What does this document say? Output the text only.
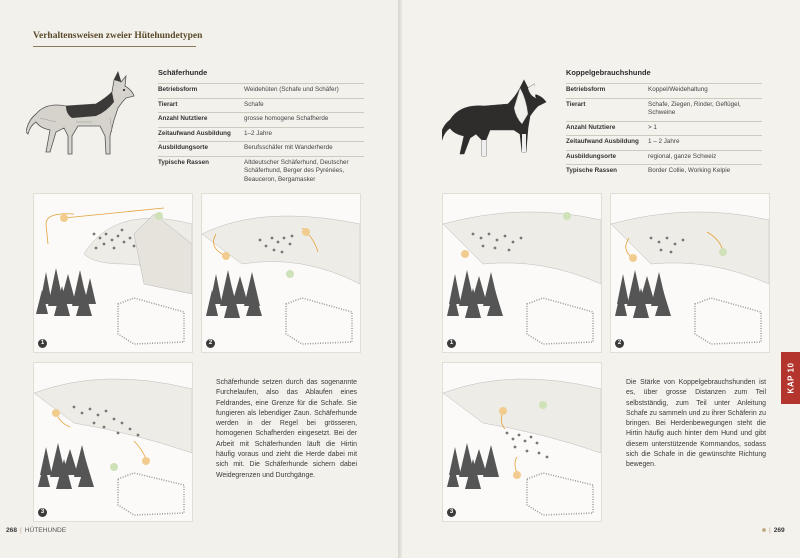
Verhaltensweisen zweier Hütehundetypen
Schäferhunde
Betriebsform	Weidehüten (Schafe und Schäfer)
Tierart	Schafe
Anzahl Nutztiere	grosse homogene Schafherde
Zeitaufwand Ausbildung	1–2 Jahre
Ausbildungsorte	Berufsschäfer mit Wanderherde
Typische Rassen	Altdeutscher Schäferhund, Deutscher Schäferhund, Berger des Pyrénées, Beauceron, Bergamasker
1	2
3
Schäferhunde setzen durch das sogenannte Furchelaufen, also das Ablaufen eines Feldrandes, eine Grenze für die Schafe. Sie fungieren als lebendiger Zaun. Schäferhunde werden in der Regel bei grösseren, homogenen Schafherden eingesetzt. Bei der Arbeit mit Schäferhunden läuft die Hirtin häufig voraus und zieht die Herde dabei mit sich mit. Die Schäferhunde sichern dabei Weidegrenzen und Durchgänge.
268 | HÜTEHUNDE
Koppelgebrauchshunde
Betriebsform	Koppel/Weidehaltung
Tierart	Schafe, Ziegen, Rinder, Geflügel, Schweine
Anzahl Nutztiere	> 1
Zeitaufwand Ausbildung	1 – 2 Jahre
Ausbildungsorte	regional, ganze Schweiz
Typische Rassen	Border Collie, Working Kelpie
1	2
3
Die Stärke von Koppelgebrauchshunden ist es, über grosse Distanzen zum Teil selbstständig, zum Teil unter Anleitung Schafe zu sammeln und zu ihrer Schäferin zu bringen. Bei Herdenbewegungen steht die Hirtin häufig auch hinter dem Hund und gibt diesem unterstützende Kommandos, sodass sich die Schafe in die gewünschte Richtung bewegen.
■ | 269
KAP 10
